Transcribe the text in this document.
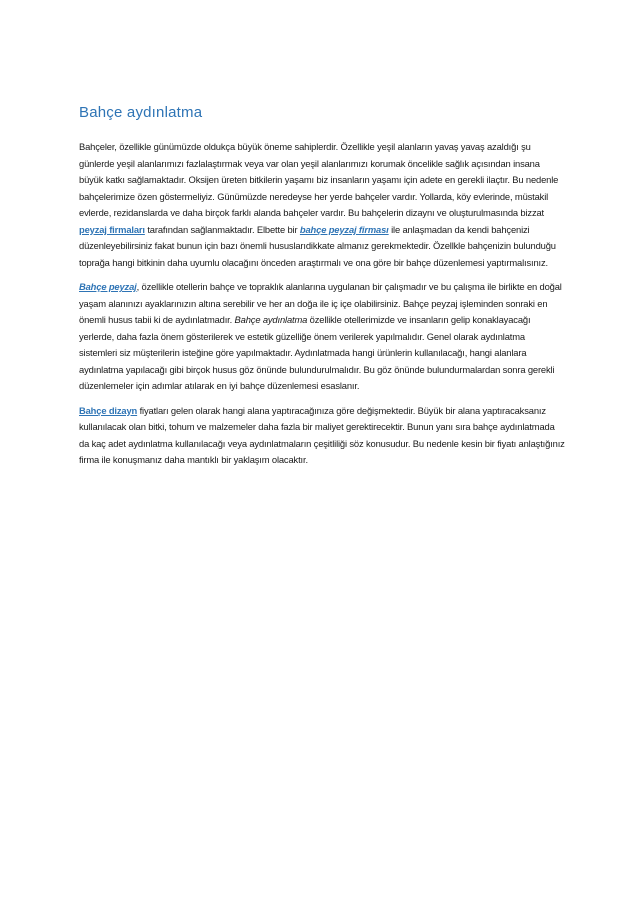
Bahçe aydınlatma

Bahçeler, özellikle günümüzde oldukça büyük öneme sahiplerdir. Özellikle yeşil alanların yavaş yavaş azaldığı şu günlerde yeşil alanlarımızı fazlalaştırmak veya var olan yeşil alanlarımızı korumak öncelikle sağlık açısından insana büyük katkı sağlamaktadır. Oksijen üreten bitkilerin yaşamı biz insanların yaşamı için adete en gerekli ilaçtır. Bu nedenle bahçelerimize özen göstermeliyiz. Günümüzde neredeyse her yerde bahçeler vardır. Yollarda, köy evlerinde, müstakil evlerde, rezidanslarda ve daha birçok farklı alanda bahçeler vardır. Bu bahçelerin dizaynı ve oluşturulmasında bizzat peyzaj firmaları tarafından sağlanmaktadır. Elbette bir bahçe peyzaj firması ile anlaşmadan da kendi bahçenizi düzenleyebilirsiniz fakat bunun için bazı önemli hususlarıdikkate almanız gerekmektedir. Özellkle bahçenizin bulunduğu toprağa hangi bitkinin daha uyumlu olacağını önceden araştırmalı ve ona göre bir bahçe düzenlemesi yaptırmalısınız.

Bahçe peyzaj, özellikle otellerin bahçe ve topraklık alanlarına uygulanan bir çalışmadır ve bu çalışma ile birlikte en doğal yaşam alanınızı ayaklarınızın altına serebilir ve her an doğa ile iç içe olabilirsiniz. Bahçe peyzaj işleminden sonraki en önemli husus tabii ki de aydınlatmadır. Bahçe aydınlatma özellikle otellerimizde ve insanların gelip konaklayacağı yerlerde, daha fazla önem gösterilerek ve estetik güzelliğe önem verilerek yapılmalıdır. Genel olarak aydınlatma sistemleri siz müşterilerin isteğine göre yapılmaktadır. Aydınlatmada hangi ürünlerin kullanılacağı, hangi alanlara aydınlatma yapılacağı gibi birçok husus göz önünde bulundurulmalıdır. Bu göz önünde bulundurmalardan sonra gerekli düzenlemeler için adımlar atılarak en iyi bahçe düzenlemesi esaslanır.

Bahçe dizayn fiyatları gelen olarak hangi alana yaptıracağınıza göre değişmektedir. Büyük bir alana yaptıracaksanız kullanılacak olan bitki, tohum ve malzemeler daha fazla bir maliyet gerektirecektir. Bunun yanı sıra bahçe aydınlatmada da kaç adet aydınlatma kullanılacağı veya aydınlatmaların çeşitliliği söz konusudur. Bu nedenle kesin bir fiyatı anlaştığınız firma ile konuşmanız daha mantıklı bir yaklaşım olacaktır.
